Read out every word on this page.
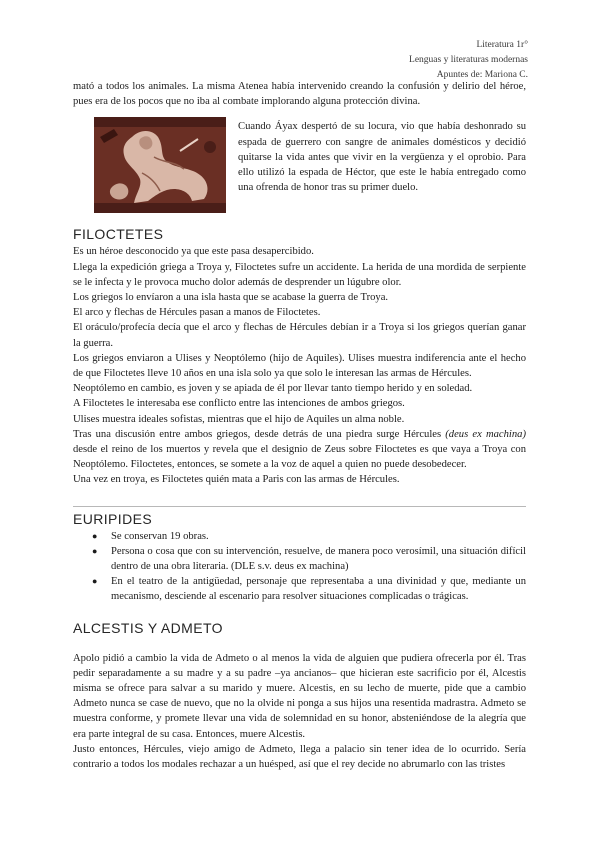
Literatura 1r°
Lenguas y literaturas modernas
Apuntes de: Mariona C.

mató a todos los animales. La misma Atenea había intervenido creando la confusión y delirio del héroe, pues era de los pocos que no iba al combate implorando alguna protección divina.

Cuando Áyax despertó de su locura, vio que había deshonrado su espada de guerrero con sangre de animales domésticos y decidió quitarse la vida antes que vivir en la vergüenza y el oprobio. Para ello utilizó la espada de Héctor, que este le había entregado como una ofrenda de honor tras su primer duelo.

FILOCTETES

Es un héroe desconocido ya que este pasa desapercibido.

Llega la expedición griega a Troya y, Filoctetes sufre un accidente. La herida de una mordida de serpiente se le infecta y le provoca mucho dolor además de desprender un lúgubre olor.

Los griegos lo envíaron a una isla hasta que se acabase la guerra de Troya.

El arco y flechas de Hércules pasan a manos de Filoctetes.

El oráculo/profecía decía que el arco y flechas de Hércules debían ir a Troya si los griegos querían ganar la guerra.

Los griegos enviaron a Ulises y Neoptólemo (hijo de Aquiles). Ulises muestra indiferencia ante el hecho de que Filoctetes lleve 10 años en una isla solo ya que solo le interesan las armas de Hércules.

Neoptólemo en cambio, es joven y se apiada de él por llevar tanto tiempo herido y en soledad.

A Filoctetes le interesaba ese conflicto entre las intenciones de ambos griegos.

Ulises muestra ideales sofistas, mientras que el hijo de Aquiles un alma noble.

Tras una discusión entre ambos griegos, desde detrás de una piedra surge Hércules (deus ex machina) desde el reino de los muertos y revela que el designio de Zeus sobre Filoctetes es que vaya a Troya con Neoptólemo. Filoctetes, entonces, se somete a la voz de aquel a quien no puede desobedecer.

Una vez en troya, es Filoctetes quién mata a Paris con las armas de Hércules.

EURIPIDES
● Se conservan 19 obras.
● Persona o cosa que con su intervención, resuelve, de manera poco verosímil, una situación difícil dentro de una obra literaria. (DLE s.v. deus ex machina)
● En el teatro de la antigüedad, personaje que representaba a una divinidad y que, mediante un mecanismo, desciende al escenario para resolver situaciones complicadas o trágicas.
ALCESTIS Y ADMETO

Apolo pidió a cambio la vida de Admeto o al menos la vida de alguien que pudiera ofrecerla por él. Tras pedir separadamente a su madre y a su padre –ya ancianos– que hicieran este sacrificio por él, Alcestis misma se ofrece para salvar a su marido y muere. Alcestis, en su lecho de muerte, pide que a cambio Admeto nunca se case de nuevo, que no la olvide ni ponga a sus hijos una resentida madrastra. Admeto se muestra conforme, y promete llevar una vida de solemnidad en su honor, absteniéndose de la alegría que era parte integral de su casa. Entonces, muere Alcestis.

Justo entonces, Hércules, viejo amigo de Admeto, llega a palacio sin tener idea de lo ocurrido. Sería contrario a todos los modales rechazar a un huésped, así que el rey decide no abrumarlo con las tristes
